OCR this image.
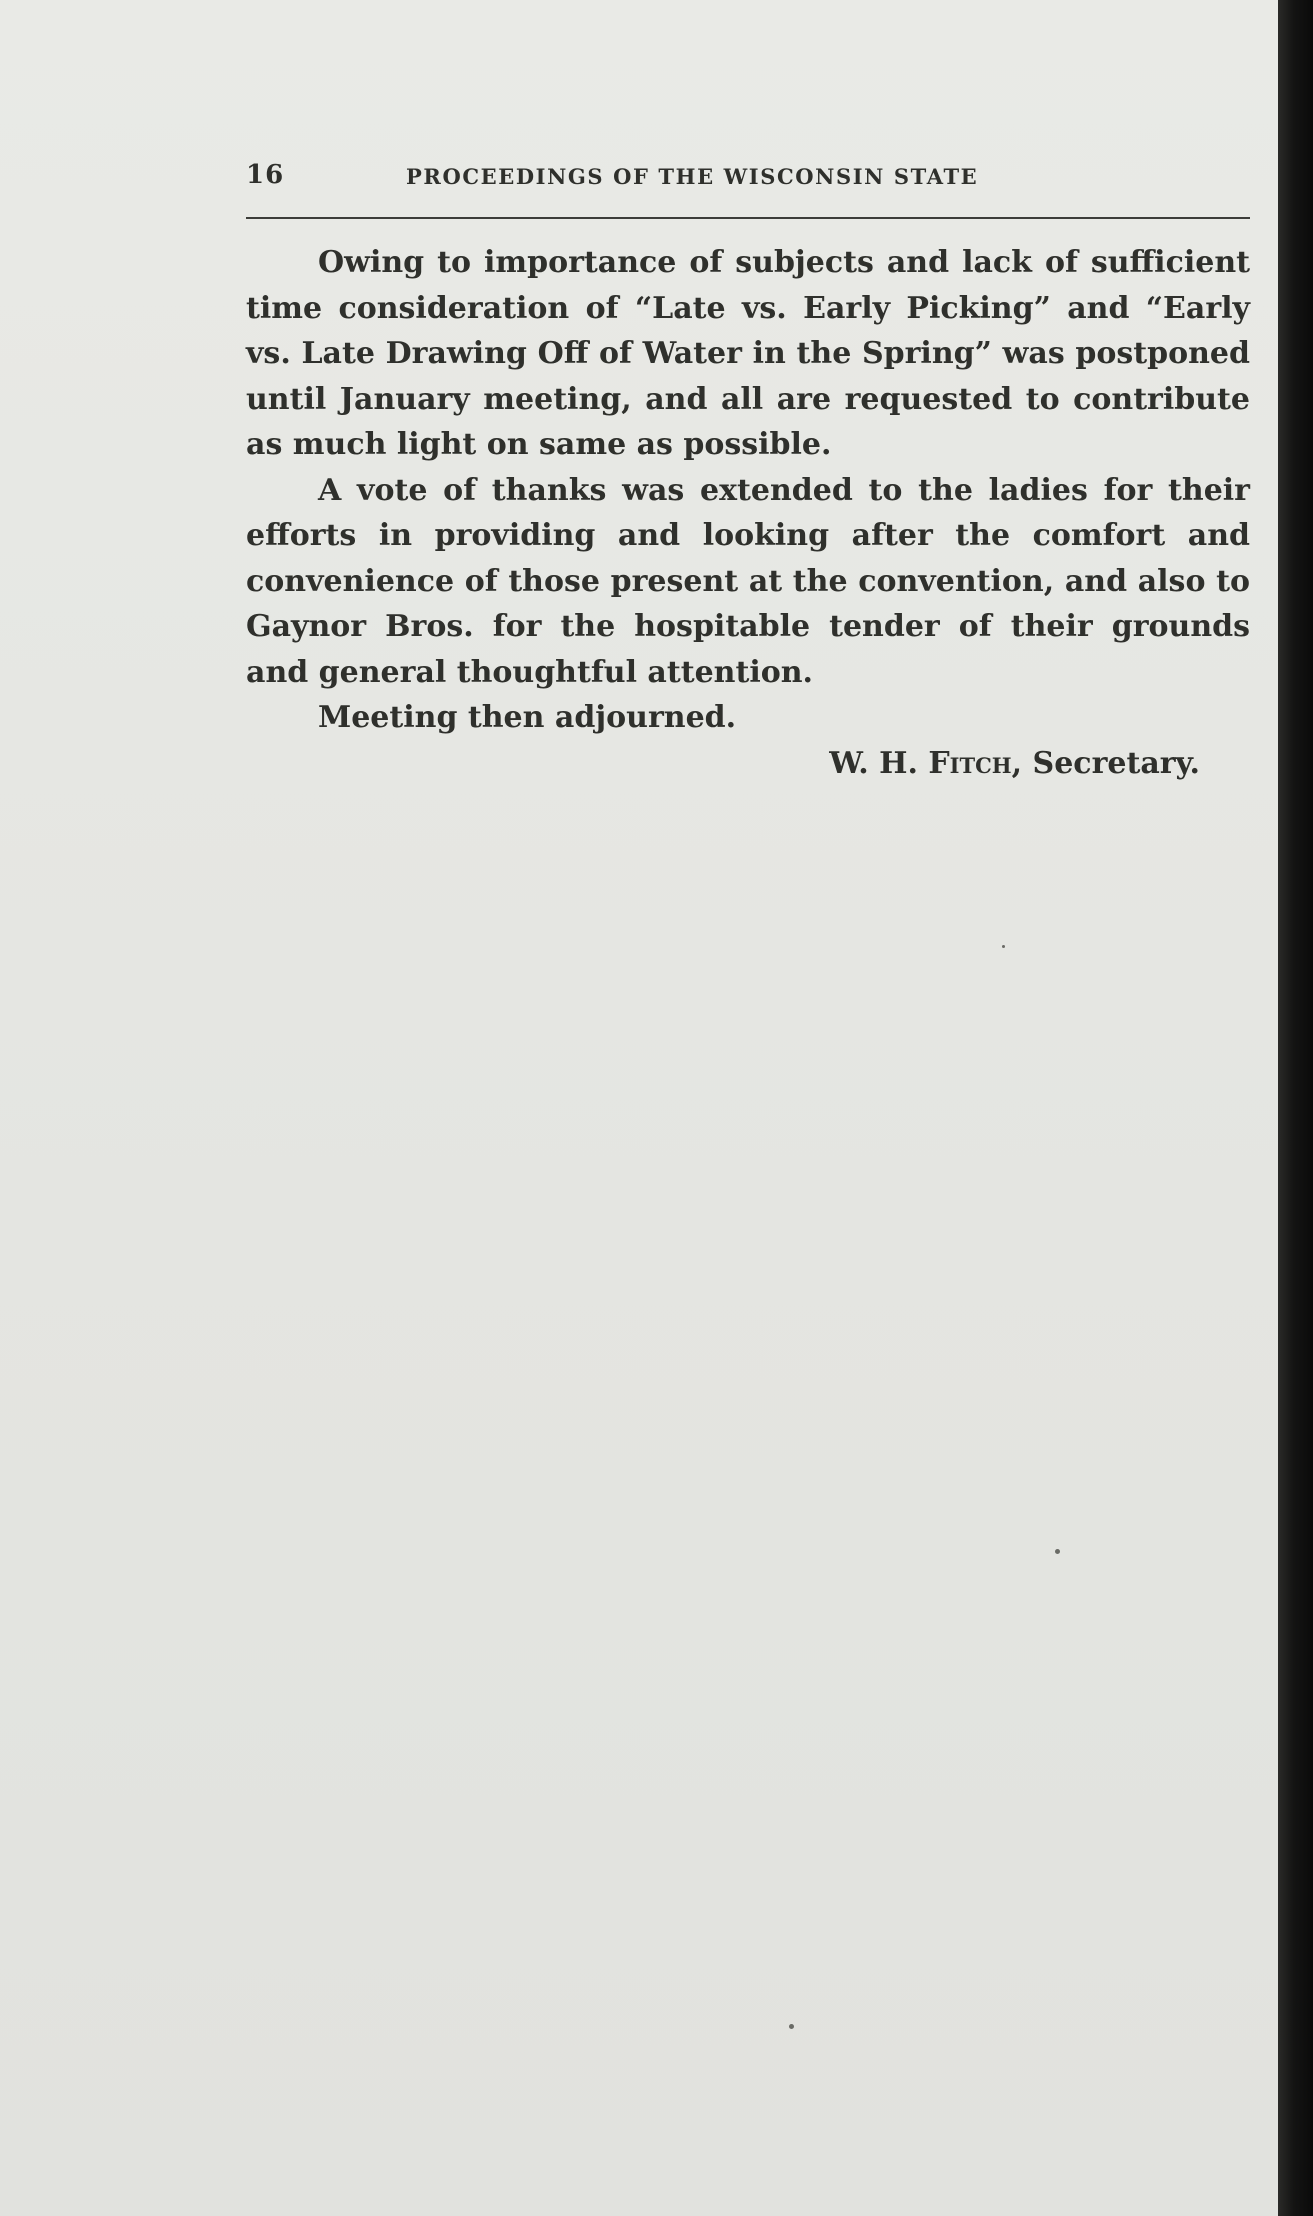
16	PROCEEDINGS OF THE WISCONSIN STATE

Owing to importance of subjects and lack of sufficient time consideration of “Late vs. Early Picking” and “Early vs. Late Drawing Off of Water in the Spring” was postponed until January meeting, and all are requested to contribute as much light on same as possible.

A vote of thanks was extended to the ladies for their efforts in providing and looking after the comfort and convenience of those present at the convention, and also to Gaynor Bros. for the hospitable tender of their grounds and general thoughtful attention.

Meeting then adjourned.

W. H. Fitch, Secretary.
